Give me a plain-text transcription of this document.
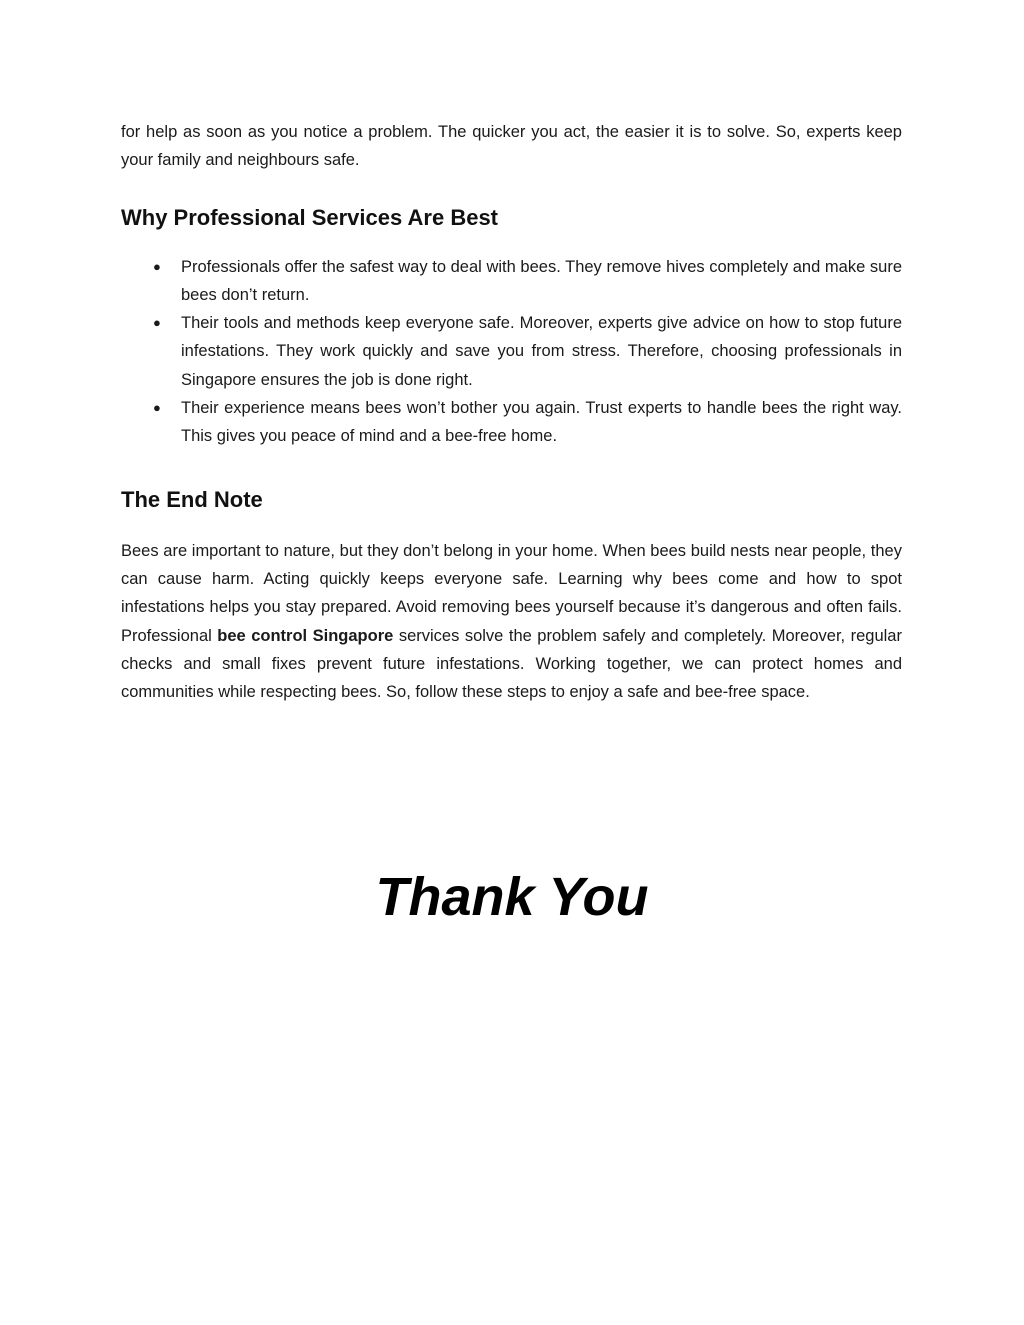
for help as soon as you notice a problem. The quicker you act, the easier it is to solve. So, experts keep your family and neighbours safe.

Why Professional Services Are Best
● Professionals offer the safest way to deal with bees. They remove hives completely and make sure bees don’t return.
● Their tools and methods keep everyone safe. Moreover, experts give advice on how to stop future infestations. They work quickly and save you from stress. Therefore, choosing professionals in Singapore ensures the job is done right.
● Their experience means bees won’t bother you again. Trust experts to handle bees the right way. This gives you peace of mind and a bee-free home.
The End Note

Bees are important to nature, but they don’t belong in your home. When bees build nests near people, they can cause harm. Acting quickly keeps everyone safe. Learning why bees come and how to spot infestations helps you stay prepared. Avoid removing bees yourself because it’s dangerous and often fails. Professional bee control Singapore services solve the problem safely and completely. Moreover, regular checks and small fixes prevent future infestations. Working together, we can protect homes and communities while respecting bees. So, follow these steps to enjoy a safe and bee-free space.

Thank You
